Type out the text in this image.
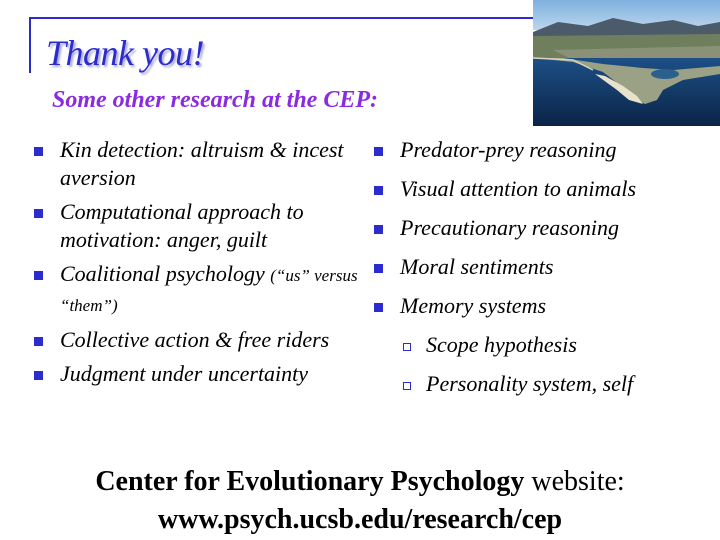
Thank you!
Some other research at the CEP:
Kin detection: altruism & incest aversion
Computational approach to motivation: anger, guilt
Coalitional psychology (“us” versus “them”)
Collective action & free riders
Judgment under uncertainty
Predator-prey reasoning
Visual attention to animals
Precautionary reasoning
Moral sentiments
Memory systems
Scope hypothesis
Personality system, self

Center for Evolutionary Psychology website:

www.psych.ucsb.edu/research/cep
